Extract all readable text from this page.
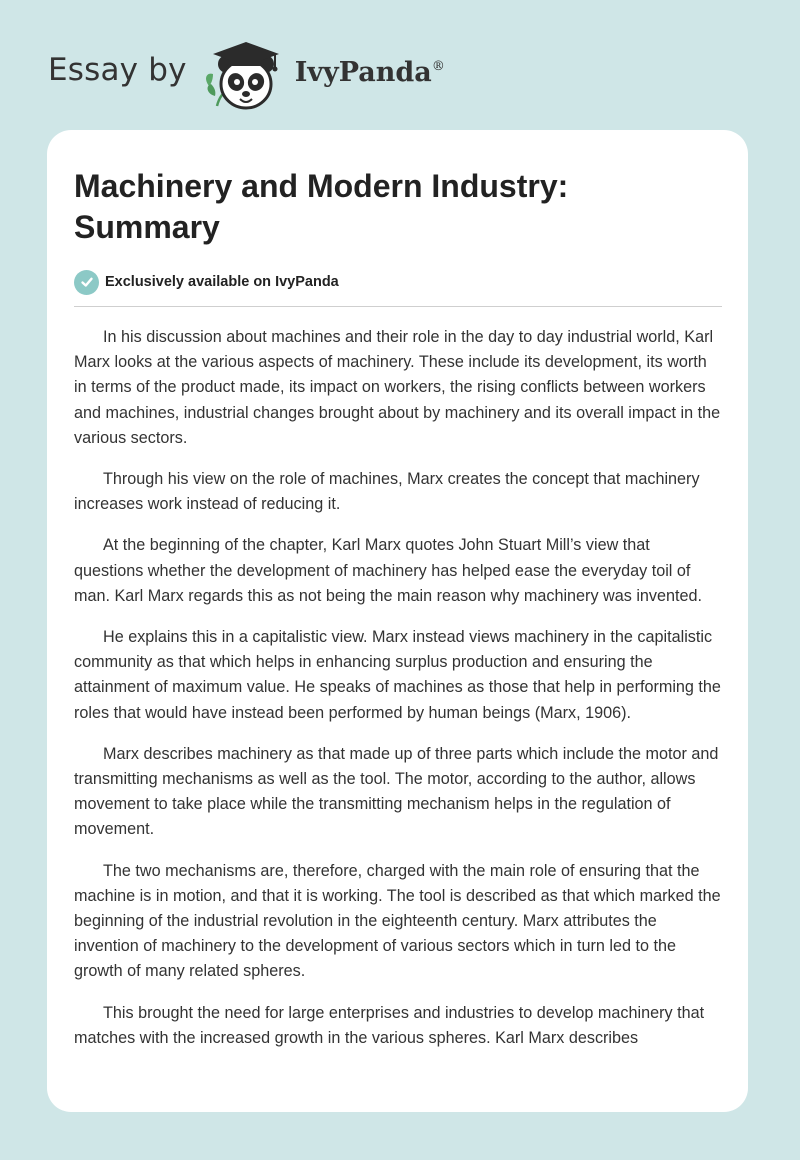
Essay by	IvyPanda®
Machinery and Modern Industry: Summary
Exclusively available on IvyPanda

In his discussion about machines and their role in the day to day industrial world, Karl Marx looks at the various aspects of machinery. These include its development, its worth in terms of the product made, its impact on workers, the rising conflicts between workers and machines, industrial changes brought about by machinery and its overall impact in the various sectors.

Through his view on the role of machines, Marx creates the concept that machinery increases work instead of reducing it.

At the beginning of the chapter, Karl Marx quotes John Stuart Mill’s view that questions whether the development of machinery has helped ease the everyday toil of man. Karl Marx regards this as not being the main reason why machinery was invented.

He explains this in a capitalistic view. Marx instead views machinery in the capitalistic community as that which helps in enhancing surplus production and ensuring the attainment of maximum value. He speaks of machines as those that help in performing the roles that would have instead been performed by human beings (Marx, 1906).

Marx describes machinery as that made up of three parts which include the motor and transmitting mechanisms as well as the tool. The motor, according to the author, allows movement to take place while the transmitting mechanism helps in the regulation of movement.

The two mechanisms are, therefore, charged with the main role of ensuring that the machine is in motion, and that it is working. The tool is described as that which marked the beginning of the industrial revolution in the eighteenth century. Marx attributes the invention of machinery to the development of various sectors which in turn led to the growth of many related spheres.

This brought the need for large enterprises and industries to develop machinery that matches with the increased growth in the various spheres. Karl Marx describes
